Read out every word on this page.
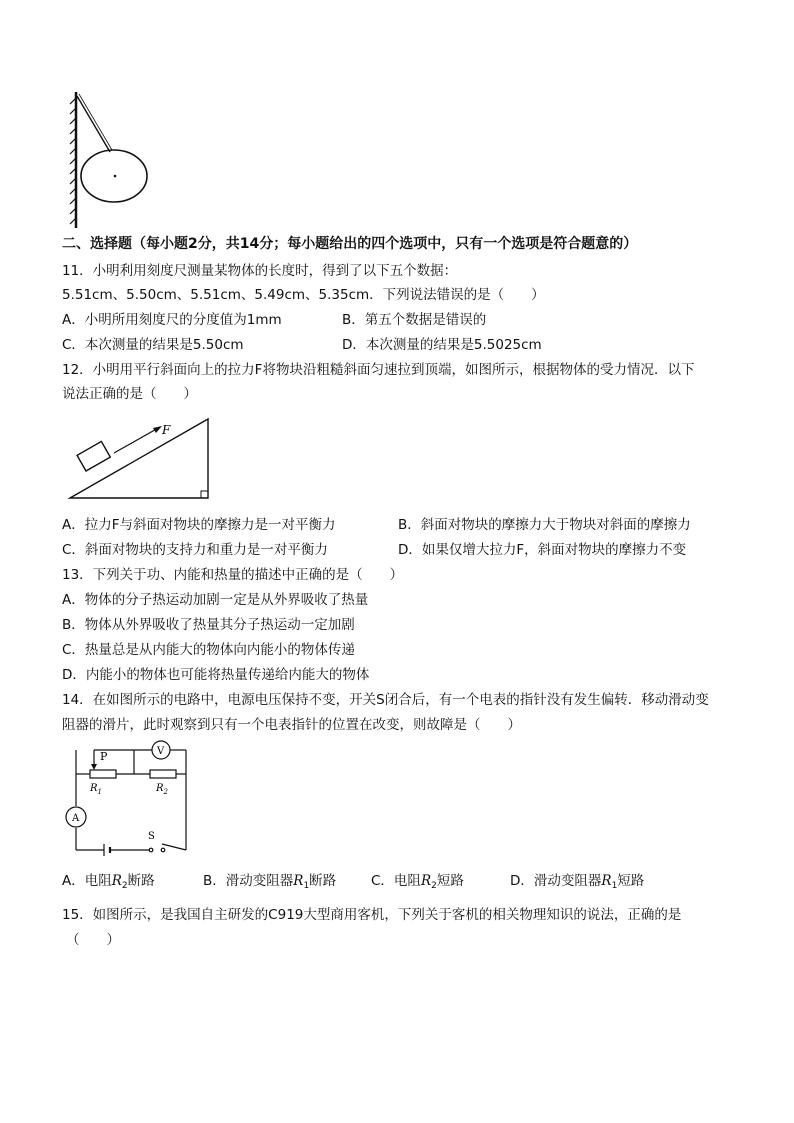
二、选择题（每小题2分，共14分；每小题给出的四个选项中，只有一个选项是符合题意的）
11．小明利用刻度尺测量某物体的长度时，得到了以下五个数据：
5.51cm、5.50cm、5.51cm、5.49cm、5.35cm．下列说法错误的是（　　）
A．小明所用刻度尺的分度值为1mm	B．第五个数据是错误的
C．本次测量的结果是5.50cm	D．本次测量的结果是5.5025cm
12．小明用平行斜面向上的拉力F将物块沿粗糙斜面匀速拉到顶端，如图所示，根据物体的受力情况．以下
说法正确的是（　　）
F
A．拉力F与斜面对物块的摩擦力是一对平衡力	B．斜面对物块的摩擦力大于物块对斜面的摩擦力
C．斜面对物块的支持力和重力是一对平衡力	D．如果仅增大拉力F，斜面对物块的摩擦力不变
13．下列关于功、内能和热量的描述中正确的是（　　）
A．物体的分子热运动加剧一定是从外界吸收了热量
B．物体从外界吸收了热量其分子热运动一定加剧
C．热量总是从内能大的物体向内能小的物体传递
D．内能小的物体也可能将热量传递给内能大的物体
14．在如图所示的电路中，电源电压保持不变，开关S闭合后，有一个电表的指针没有发生偏转．移动滑动变
阻器的滑片，此时观察到只有一个电表指针的位置在改变，则故障是（　　）
P	V
A
$R_1$	$R_2$
S
A．电阻$R_2$断路	B．滑动变阻器$R_1$断路	C．电阻$R_2$短路	D．滑动变阻器$R_1$短路
15．如图所示，是我国自主研发的C919大型商用客机，下列关于客机的相关物理知识的说法，正确的是
（　　）
